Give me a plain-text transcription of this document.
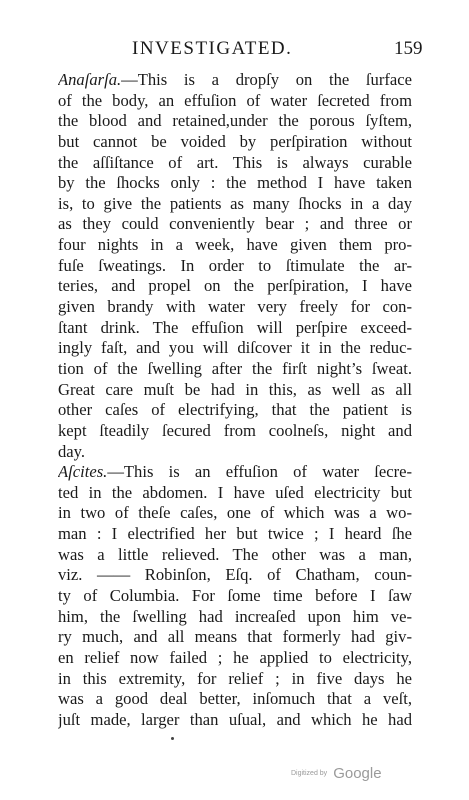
INVESTIGATED.	159
Anaſarſa.—This is a dropſy on the ſurface
of the body, an effuſion of water ſecreted from
the blood and retained,under the porous ſyſtem,
but cannot be voided by perſpiration without
the aſſiſtance of art. This is always curable
by the ſhocks only : the method I have taken
is, to give the patients as many ſhocks in a day
as they could conveniently bear ; and three or
four nights in a week, have given them pro-
fuſe ſweatings. In order to ſtimulate the ar-
teries, and propel on the perſpiration, I have
given brandy with water very freely for con-
ſtant drink. The effuſion will perſpire exceed-
ingly faſt, and you will diſcover it in the reduc-
tion of the ſwelling after the firſt night’s ſweat.
Great care muſt be had in this, as well as all
other caſes of electrifying, that the patient is
kept ſteadily ſecured from coolneſs, night and
day.
Aſcites.—This is an effuſion of water ſecre-
ted in the abdomen. I have uſed electricity but
in two of theſe caſes, one of which was a wo-
man : I electrified her but twice ; I heard ſhe
was a little relieved. The other was a man,
viz. —— Robinſon, Eſq. of Chatham, coun-
ty of Columbia. For ſome time before I ſaw
him, the ſwelling had increaſed upon him ve-
ry much, and all means that formerly had giv-
en relief now failed ; he applied to electricity,
in this extremity, for relief ; in five days he
was a good deal better, inſomuch that a veſt,
juſt made, larger than uſual, and which he had
Digitized by Google
